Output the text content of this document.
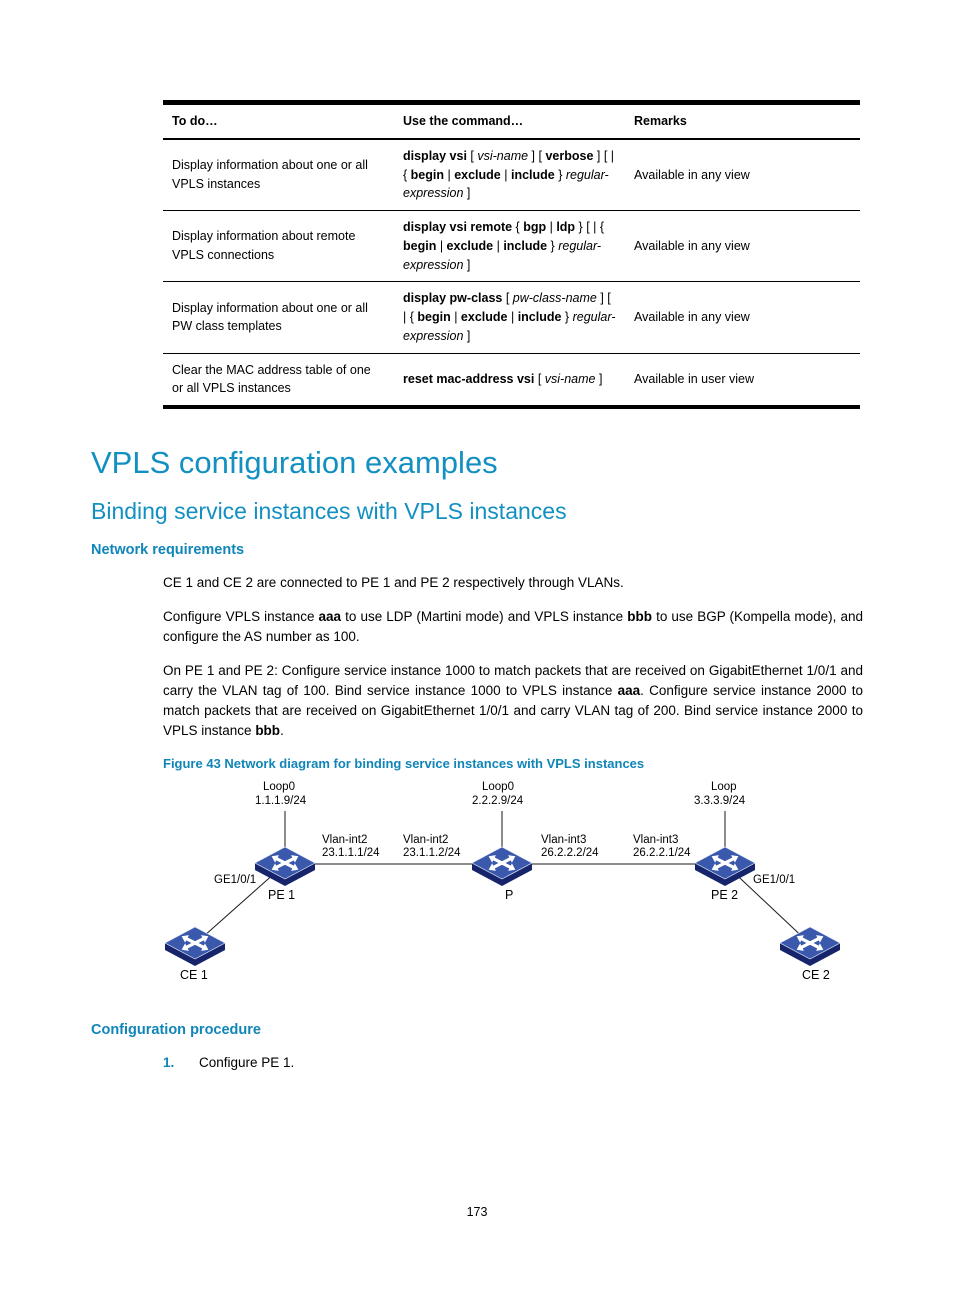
To do…	Use the command…	Remarks
Display information about one or all VPLS instances	display vsi [ vsi-name ] [ verbose ] [ | { begin | exclude | include } regular-expression ]	Available in any view
Display information about remote VPLS connections	display vsi remote { bgp | ldp } [ | { begin | exclude | include } regular-expression ]	Available in any view
Display information about one or all PW class templates	display pw-class [ pw-class-name ] [ | { begin | exclude | include } regular-expression ]	Available in any view
Clear the MAC address table of one or all VPLS instances	reset mac-address vsi [ vsi-name ]	Available in user view
VPLS configuration examples
Binding service instances with VPLS instances
Network requirements

CE 1 and CE 2 are connected to PE 1 and PE 2 respectively through VLANs.

Configure VPLS instance aaa to use LDP (Martini mode) and VPLS instance bbb to use BGP (Kompella mode), and configure the AS number as 100.

On PE 1 and PE 2: Configure service instance 1000 to match packets that are received on GigabitEthernet 1/0/1 and carry the VLAN tag of 100. Bind service instance 1000 to VPLS instance aaa. Configure service instance 2000 to match packets that are received on GigabitEthernet 1/0/1 and carry VLAN tag of 200. Bind service instance 2000 to VPLS instance bbb.

Figure 43 Network diagram for binding service instances with VPLS instances

Loop0
1.1.1.9/24
Loop0
2.2.2.9/24
Loop
3.3.3.9/24
Vlan-int2
23.1.1.1/24
Vlan-int2
23.1.1.2/24
Vlan-int3
26.2.2.2/24
Vlan-int3
26.2.2.1/24
GE1/0/1	GE1/0/1
PE 1	P	PE 2
CE 1	CE 2
Configuration procedure
1. Configure PE 1.
173
